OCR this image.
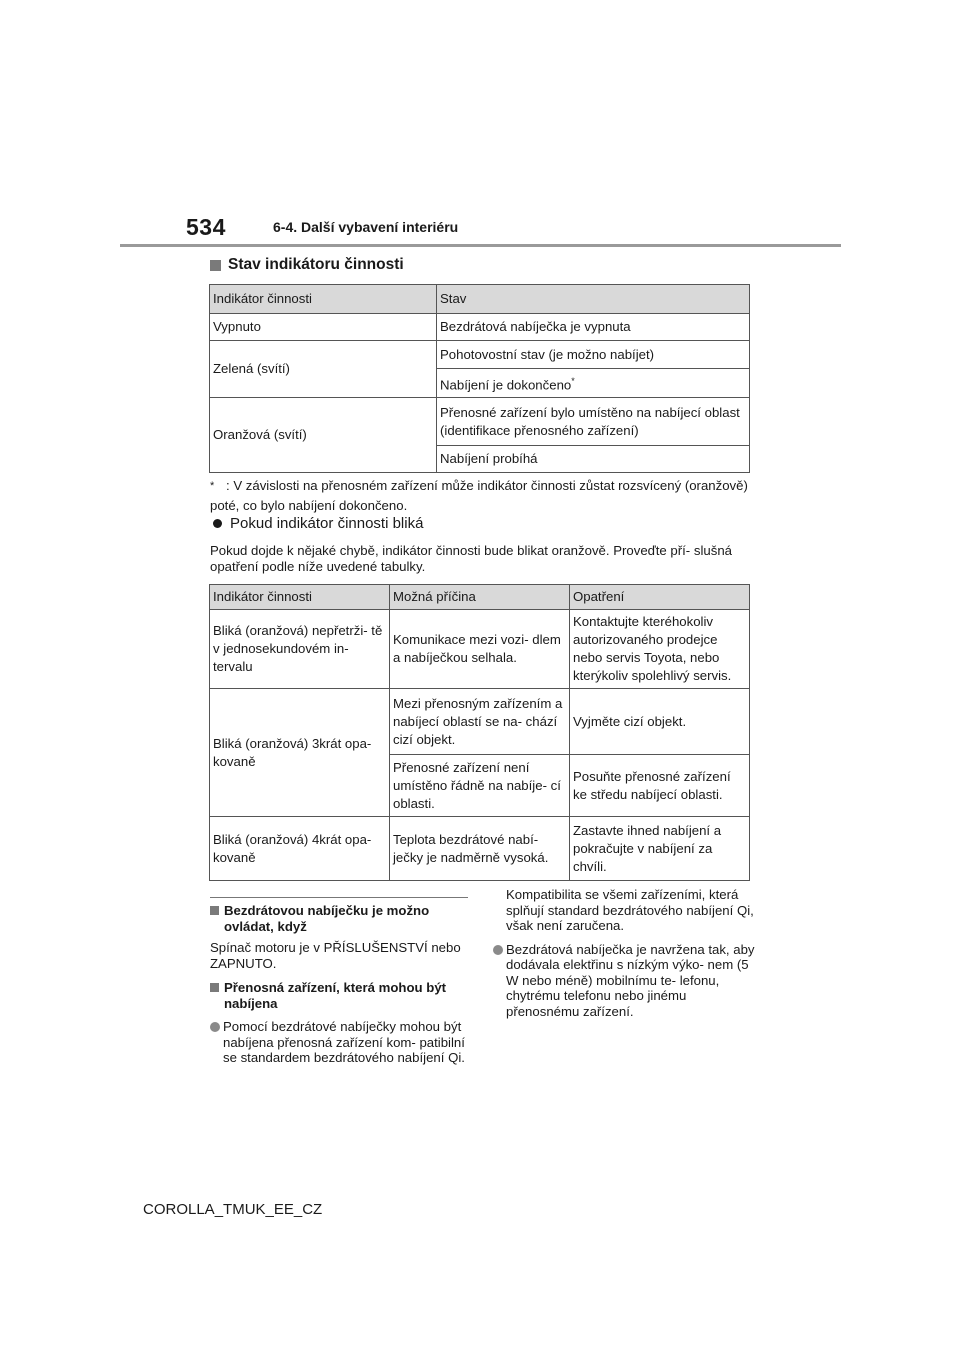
534	6-4. Další vybavení interiéru
Stav indikátoru činnosti
Indikátor činnosti	Stav
Vypnuto	Bezdrátová nabíječka je vypnuta
Zelená (svítí)	Pohotovostní stav (je možno nabíjet)
	Nabíjení je dokončeno*
Oranžová (svítí)	Přenosné zařízení bylo umístěno na nabíjecí oblast (identifikace přenosného zařízení)
	Nabíjení probíhá
* : V závislosti na přenosném zařízení může indikátor činnosti zůstat rozsvícený (oranžově) poté, co bylo nabíjení dokončeno.
Pokud indikátor činnosti bliká
Pokud dojde k nějaké chybě, indikátor činnosti bude blikat oranžově. Proveďte pří- slušná opatření podle níže uvedené tabulky.
Indikátor činnosti	Možná příčina	Opatření
Bliká (oranžová) nepřetrži- tě v jednosekundovém in- tervalu	Komunikace mezi vozi- dlem a nabíječkou selhala.	Kontaktujte kteréhokoliv autorizovaného prodejce nebo servis Toyota, nebo kterýkoliv spolehlivý servis.
Bliká (oranžová) 3krát opa- kovaně	Mezi přenosným zařízením a nabíjecí oblastí se na- chází cizí objekt.	Vyjměte cizí objekt.
	Přenosné zařízení není umístěno řádně na nabíje- cí oblasti.	Posuňte přenosné zařízení ke středu nabíjecí oblasti.
Bliká (oranžová) 4krát opa- kovaně	Teplota bezdrátové nabí- ječky je nadměrně vysoká.	Zastavte ihned nabíjení a pokračujte v nabíjení za chvíli.
Bezdrátovou nabíječku je možno ovládat, když
Spínač motoru je v PŘÍSLUŠENSTVÍ nebo ZAPNUTO.
Přenosná zařízení, která mohou být nabíjena
Pomocí bezdrátové nabíječky mohou být nabíjena přenosná zařízení kom- patibilní se standardem bezdrátového nabíjení Qi.
Kompatibilita se všemi zařízeními, která splňují standard bezdrátového nabíjení Qi, však není zaručena.
Bezdrátová nabíječka je navržena tak, aby dodávala elektřinu s nízkým výko- nem (5 W nebo méně) mobilnímu te- lefonu, chytrému telefonu nebo jinému přenosnému zařízení.
COROLLA_TMUK_EE_CZ
